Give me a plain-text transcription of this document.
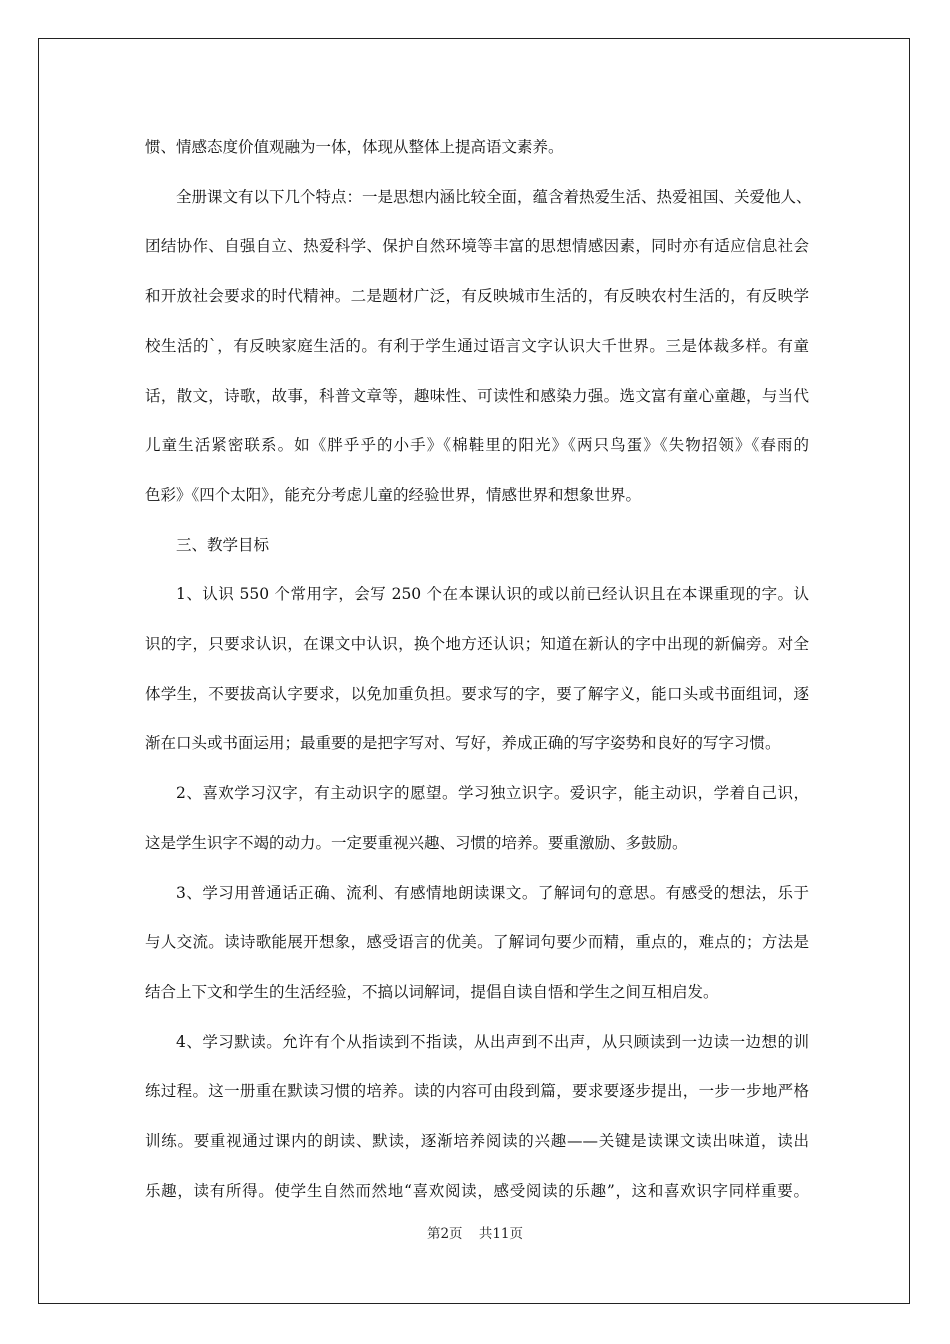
惯、情感态度价值观融为一体，体现从整体上提高语文素养。
全册课文有以下几个特点：一是思想内涵比较全面，蕴含着热爱生活、热爱祖国、关爱他人、
团结协作、自强自立、热爱科学、保护自然环境等丰富的思想情感因素，同时亦有适应信息社会
和开放社会要求的时代精神。二是题材广泛，有反映城市生活的，有反映农村生活的，有反映学
校生活的`，有反映家庭生活的。有利于学生通过语言文字认识大千世界。三是体裁多样。有童
话，散文，诗歌，故事，科普文章等，趣味性、可读性和感染力强。选文富有童心童趣，与当代
儿童生活紧密联系。如《胖乎乎的小手》《棉鞋里的阳光》《两只鸟蛋》《失物招领》《春雨的
色彩》《四个太阳》，能充分考虑儿童的经验世界，情感世界和想象世界。
三、教学目标
1、认识 550 个常用字，会写 250 个在本课认识的或以前已经认识且在本课重现的字。认
识的字，只要求认识，在课文中认识，换个地方还认识；知道在新认的字中出现的新偏旁。对全
体学生，不要拔高认字要求，以免加重负担。要求写的字，要了解字义，能口头或书面组词，逐
渐在口头或书面运用；最重要的是把字写对、写好，养成正确的写字姿势和良好的写字习惯。
2、喜欢学习汉字，有主动识字的愿望。学习独立识字。爱识字，能主动识，学着自己识，
这是学生识字不竭的动力。一定要重视兴趣、习惯的培养。要重激励、多鼓励。
3、学习用普通话正确、流利、有感情地朗读课文。了解词句的意思。有感受的想法，乐于
与人交流。读诗歌能展开想象，感受语言的优美。了解词句要少而精，重点的，难点的；方法是
结合上下文和学生的生活经验，不搞以词解词，提倡自读自悟和学生之间互相启发。
4、学习默读。允许有个从指读到不指读，从出声到不出声，从只顾读到一边读一边想的训
练过程。这一册重在默读习惯的培养。读的内容可由段到篇，要求要逐步提出，一步一步地严格
训练。要重视通过课内的朗读、默读，逐渐培养阅读的兴趣——关键是读课文读出味道，读出
乐趣，读有所得。使学生自然而然地“喜欢阅读，感受阅读的乐趣”，这和喜欢识字同样重要。
第2页 共11页
